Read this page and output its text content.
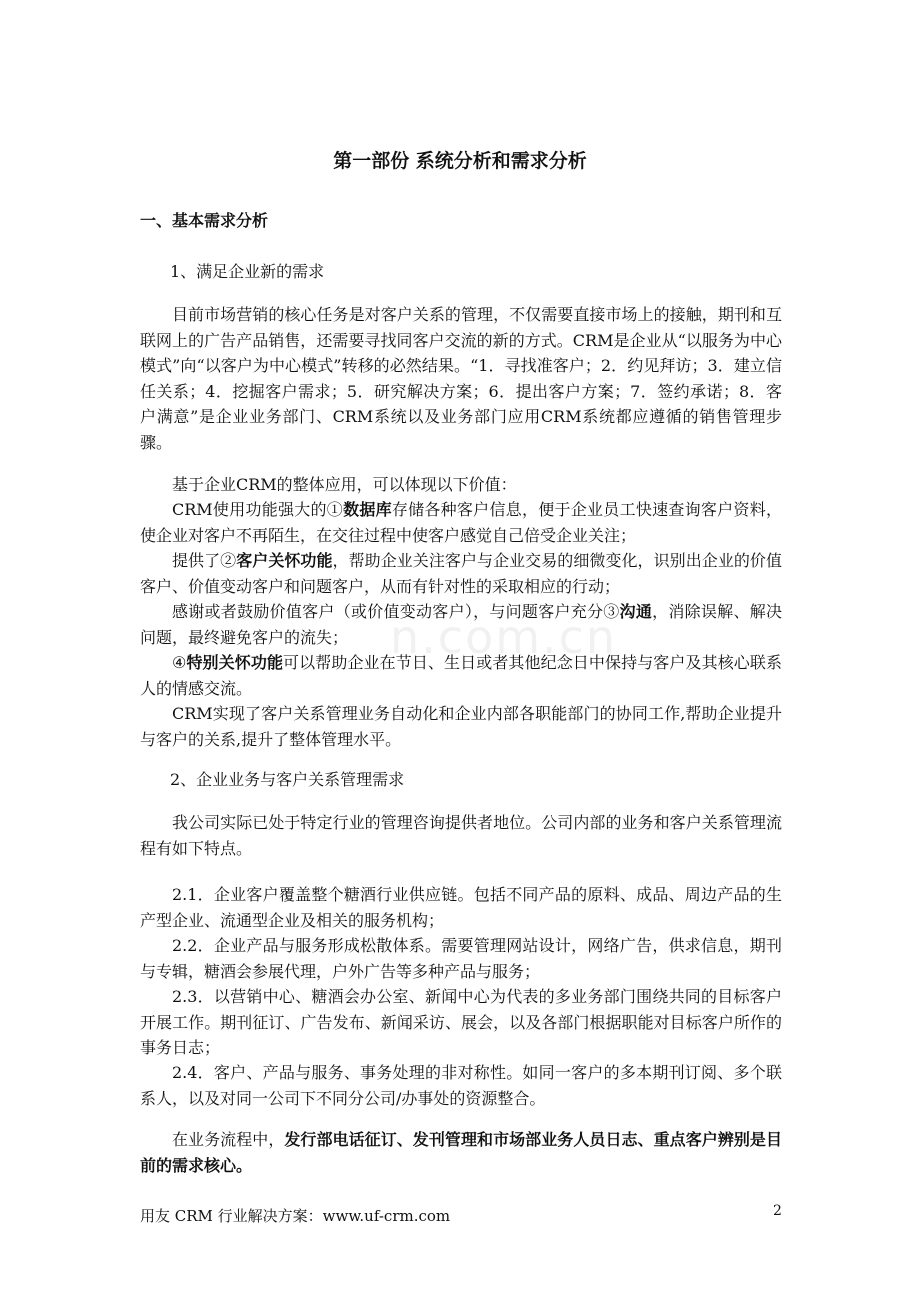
n.com.cn
第一部份 系统分析和需求分析
一、基本需求分析
1、满足企业新的需求

目前市场营销的核心任务是对客户关系的管理，不仅需要直接市场上的接触，期刊和互联网上的广告产品销售，还需要寻找同客户交流的新的方式。CRM是企业从“以服务为中心模式”向“以客户为中心模式”转移的必然结果。“1．寻找准客户；2．约见拜访；3．建立信任关系；4．挖掘客户需求；5．研究解决方案；6．提出客户方案；7．签约承诺；8．客户满意”是企业业务部门、CRM系统以及业务部门应用CRM系统都应遵循的销售管理步骤。

基于企业CRM的整体应用，可以体现以下价值：

CRM使用功能强大的①数据库存储各种客户信息，便于企业员工快速查询客户资料，使企业对客户不再陌生，在交往过程中使客户感觉自己倍受企业关注；

提供了②客户关怀功能，帮助企业关注客户与企业交易的细微变化，识别出企业的价值客户、价值变动客户和问题客户，从而有针对性的采取相应的行动；

感谢或者鼓励价值客户（或价值变动客户），与问题客户充分③沟通，消除误解、解决问题，最终避免客户的流失；

④特别关怀功能可以帮助企业在节日、生日或者其他纪念日中保持与客户及其核心联系人的情感交流。

CRM实现了客户关系管理业务自动化和企业内部各职能部门的协同工作,帮助企业提升与客户的关系,提升了整体管理水平。

2、企业业务与客户关系管理需求

我公司实际已处于特定行业的管理咨询提供者地位。公司内部的业务和客户关系管理流程有如下特点。

2.1．企业客户覆盖整个糖酒行业供应链。包括不同产品的原料、成品、周边产品的生产型企业、流通型企业及相关的服务机构；

2.2．企业产品与服务形成松散体系。需要管理网站设计，网络广告，供求信息，期刊与专辑，糖酒会参展代理，户外广告等多种产品与服务；

2.3．以营销中心、糖酒会办公室、新闻中心为代表的多业务部门围绕共同的目标客户开展工作。期刊征订、广告发布、新闻采访、展会，以及各部门根据职能对目标客户所作的事务日志；

2.4．客户、产品与服务、事务处理的非对称性。如同一客户的多本期刊订阅、多个联系人，以及对同一公司下不同分公司/办事处的资源整合。

在业务流程中，发行部电话征订、发刊管理和市场部业务人员日志、重点客户辨别是目前的需求核心。

用友 CRM 行业解决方案：www.uf-crm.com	2
